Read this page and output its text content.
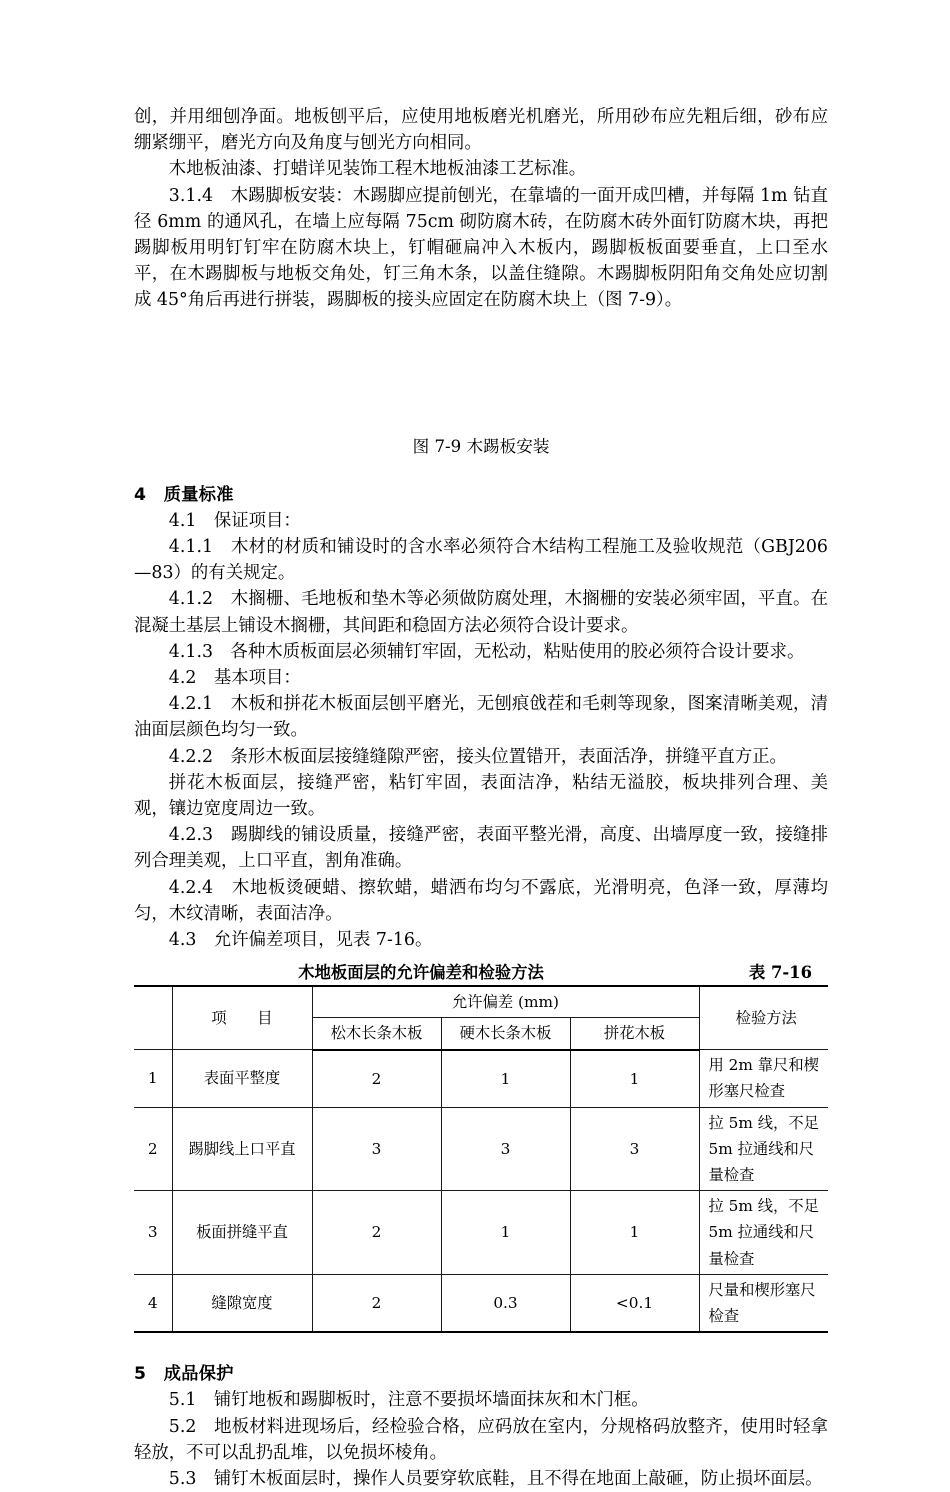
创，并用细刨净面。地板刨平后，应使用地板磨光机磨光，所用砂布应先粗后细，砂布应绷紧绷平，磨光方向及角度与刨光方向相同。

木地板油漆、打蜡详见装饰工程木地板油漆工艺标准。

3.1.4　木踢脚板安装：木踢脚应提前刨光，在靠墙的一面开成凹槽，并每隔 1m 钻直径 6mm 的通风孔，在墙上应每隔 75cm 砌防腐木砖，在防腐木砖外面钉防腐木块，再把踢脚板用明钉钉牢在防腐木块上，钉帽砸扁冲入木板内，踢脚板板面要垂直，上口至水平，在木踢脚板与地板交角处，钉三角木条，以盖住缝隙。木踢脚板阴阳角交角处应切割成 45°角后再进行拼装，踢脚板的接头应固定在防腐木块上（图 7-9）。

图 7-9 木踢板安装

4　质量标准

4.1　保证项目：

4.1.1　木材的材质和铺设时的含水率必须符合木结构工程施工及验收规范（GBJ206—83）的有关规定。

4.1.2　木搁栅、毛地板和垫木等必须做防腐处理，木搁栅的安装必须牢固，平直。在混凝土基层上铺设木搁栅，其间距和稳固方法必须符合设计要求。

4.1.3　各种木质板面层必须辅钉牢固，无松动，粘贴使用的胶必须符合设计要求。

4.2　基本项目：

4.2.1　木板和拼花木板面层刨平磨光，无刨痕戗茬和毛刺等现象，图案清晰美观，清油面层颜色均匀一致。

4.2.2　条形木板面层接缝缝隙严密，接头位置错开，表面活净，拼缝平直方正。

拼花木板面层，接缝严密，粘钉牢固，表面洁净，粘结无溢胶，板块排列合理、美观，镶边宽度周边一致。

4.2.3　踢脚线的铺设质量，接缝严密，表面平整光滑，高度、出墙厚度一致，接缝排列合理美观，上口平直，割角准确。

4.2.4　木地板烫硬蜡、擦软蜡，蜡洒布均匀不露底，光滑明亮，色泽一致，厚薄均匀，木纹清晰，表面洁净。

4.3　允许偏差项目，见表 7-16。

木地板面层的允许偏差和检验方法	表 7-16
	项　目	允许偏差 (mm)			检验方法
		松木长条木板	硬木长条木板	拼花木板	
1	表面平整度	2	1	1	用 2m 靠尺和楔形塞尺检查
2	踢脚线上口平直	3	3	3	拉 5m 线，不足 5m 拉通线和尺量检查
3	板面拼缝平直	2	1	1	拉 5m 线，不足 5m 拉通线和尺量检查
4	缝隙宽度	2	0.3	<0.1	尺量和楔形塞尺检查
5　成品保护

5.1　铺钉地板和踢脚板时，注意不要损坏墙面抹灰和木门框。

5.2　地板材料进现场后，经检验合格，应码放在室内，分规格码放整齐，使用时轻拿轻放，不可以乱扔乱堆，以免损坏棱角。

5.3　铺钉木板面层时，操作人员要穿软底鞋，且不得在地面上敲砸，防止损坏面层。
